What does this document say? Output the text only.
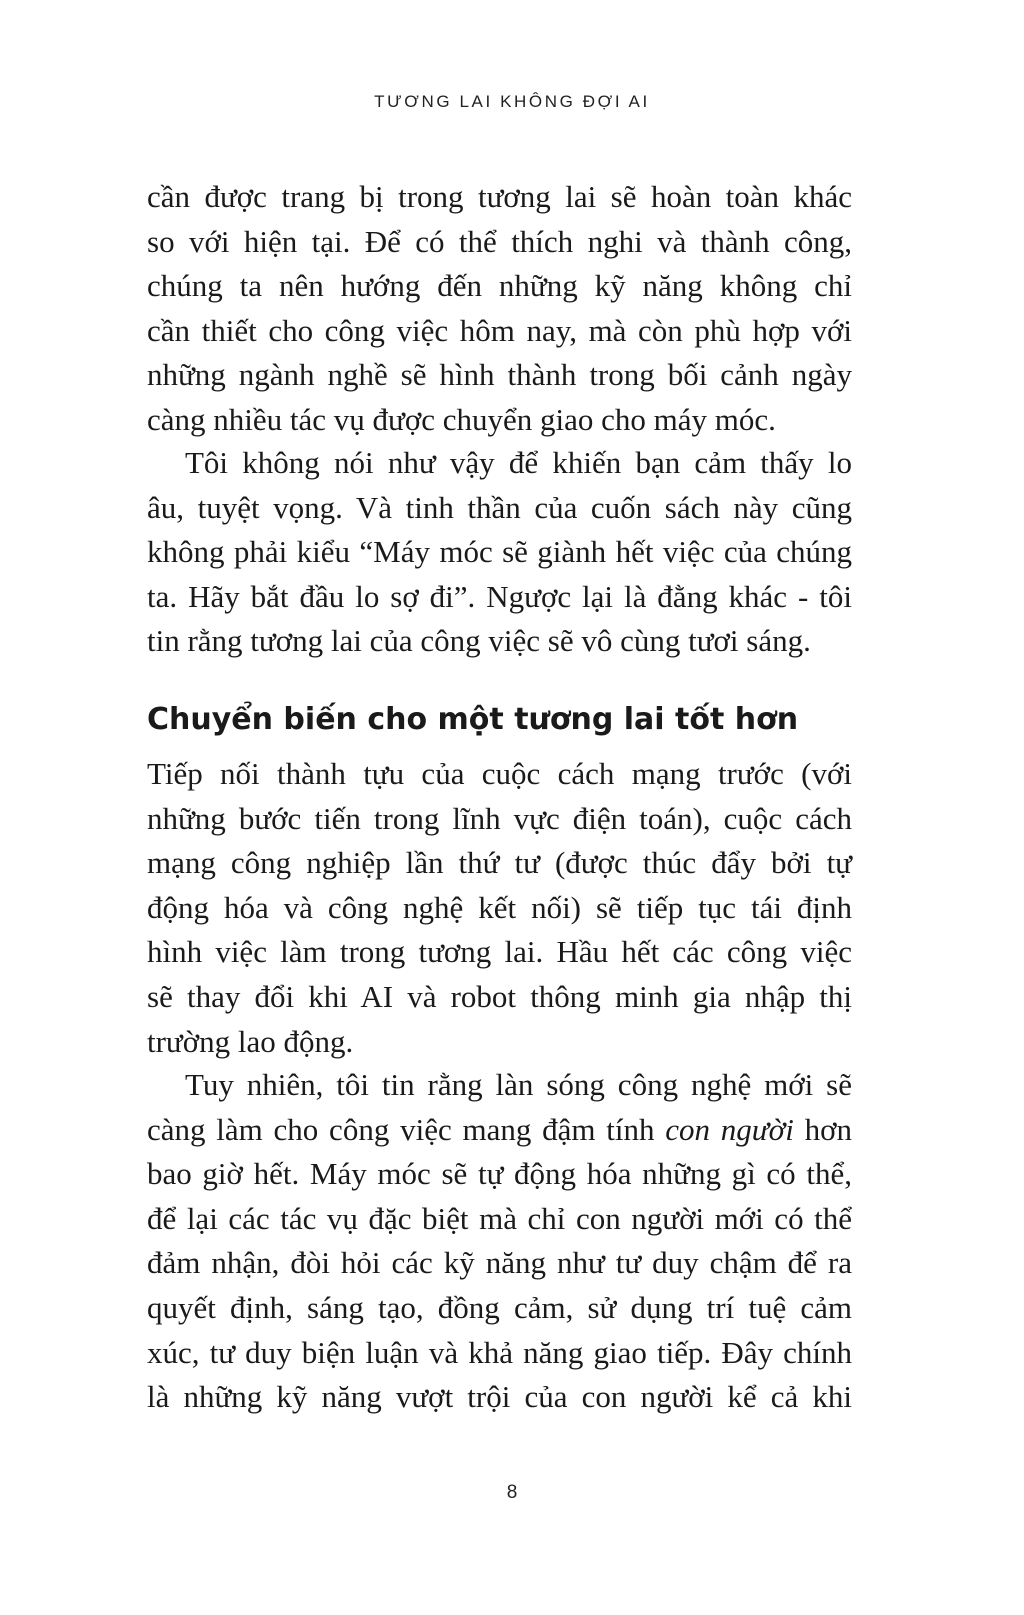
TƯƠNG LAI KHÔNG ĐỢI AI
cần được trang bị trong tương lai sẽ hoàn toàn khác
so với hiện tại. Để có thể thích nghi và thành công,
chúng ta nên hướng đến những kỹ năng không chỉ
cần thiết cho công việc hôm nay, mà còn phù hợp với
những ngành nghề sẽ hình thành trong bối cảnh ngày
càng nhiều tác vụ được chuyển giao cho máy móc.
Tôi không nói như vậy để khiến bạn cảm thấy lo
âu, tuyệt vọng. Và tinh thần của cuốn sách này cũng
không phải kiểu “Máy móc sẽ giành hết việc của chúng
ta. Hãy bắt đầu lo sợ đi”. Ngược lại là đằng khác - tôi
tin rằng tương lai của công việc sẽ vô cùng tươi sáng.
Chuyển biến cho một tương lai tốt hơn
Tiếp nối thành tựu của cuộc cách mạng trước (với
những bước tiến trong lĩnh vực điện toán), cuộc cách
mạng công nghiệp lần thứ tư (được thúc đẩy bởi tự
động hóa và công nghệ kết nối) sẽ tiếp tục tái định
hình việc làm trong tương lai. Hầu hết các công việc
sẽ thay đổi khi AI và robot thông minh gia nhập thị
trường lao động.
Tuy nhiên, tôi tin rằng làn sóng công nghệ mới sẽ
càng làm cho công việc mang đậm tính con người hơn
bao giờ hết. Máy móc sẽ tự động hóa những gì có thể,
để lại các tác vụ đặc biệt mà chỉ con người mới có thể
đảm nhận, đòi hỏi các kỹ năng như tư duy chậm để ra
quyết định, sáng tạo, đồng cảm, sử dụng trí tuệ cảm
xúc, tư duy biện luận và khả năng giao tiếp. Đây chính
là những kỹ năng vượt trội của con người kể cả khi
8
